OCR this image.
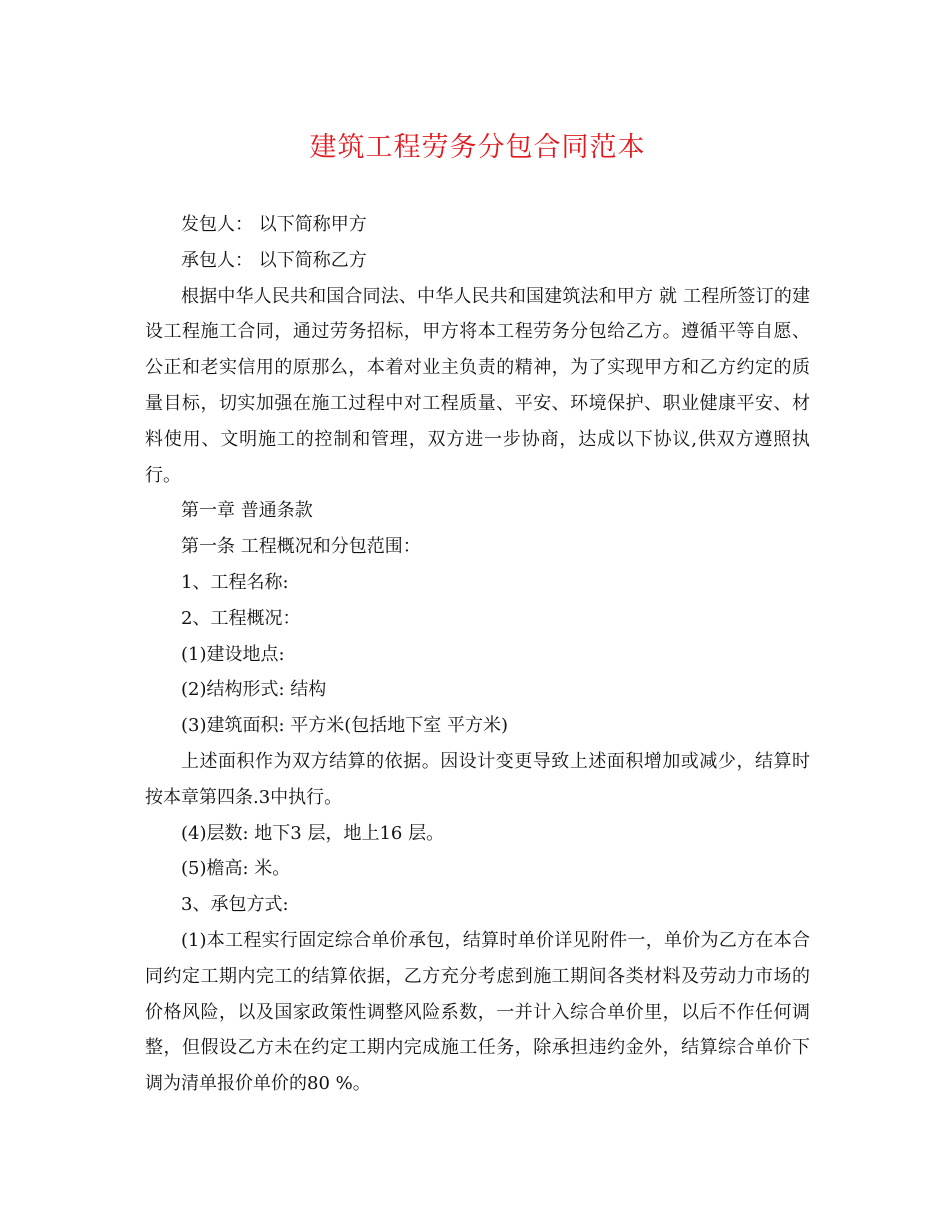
建筑工程劳务分包合同范本

发包人： 以下简称甲方

承包人： 以下简称乙方

根据中华人民共和国合同法、中华人民共和国建筑法和甲方 就 工程所签订的建设工程施工合同，通过劳务招标，甲方将本工程劳务分包给乙方。遵循平等自愿、公正和老实信用的原那么，本着对业主负责的精神，为了实现甲方和乙方约定的质量目标，切实加强在施工过程中对工程质量、平安、环境保护、职业健康平安、材料使用、文明施工的控制和管理，双方进一步协商，达成以下协议,供双方遵照执行。

第一章 普通条款

第一条 工程概况和分包范围：

1、工程名称:

2、工程概况：

(1)建设地点:

(2)结构形式: 结构

(3)建筑面积: 平方米(包括地下室 平方米)

上述面积作为双方结算的依据。因设计变更导致上述面积增加或减少，结算时按本章第四条.3中执行。

(4)层数: 地下3 层，地上16 层。

(5)檐高: 米。

3、承包方式:

(1)本工程实行固定综合单价承包，结算时单价详见附件一，单价为乙方在本合同约定工期内完工的结算依据，乙方充分考虑到施工期间各类材料及劳动力市场的价格风险，以及国家政策性调整风险系数，一并计入综合单价里，以后不作任何调整，但假设乙方未在约定工期内完成施工任务，除承担违约金外，结算综合单价下调为清单报价单价的80 %。
